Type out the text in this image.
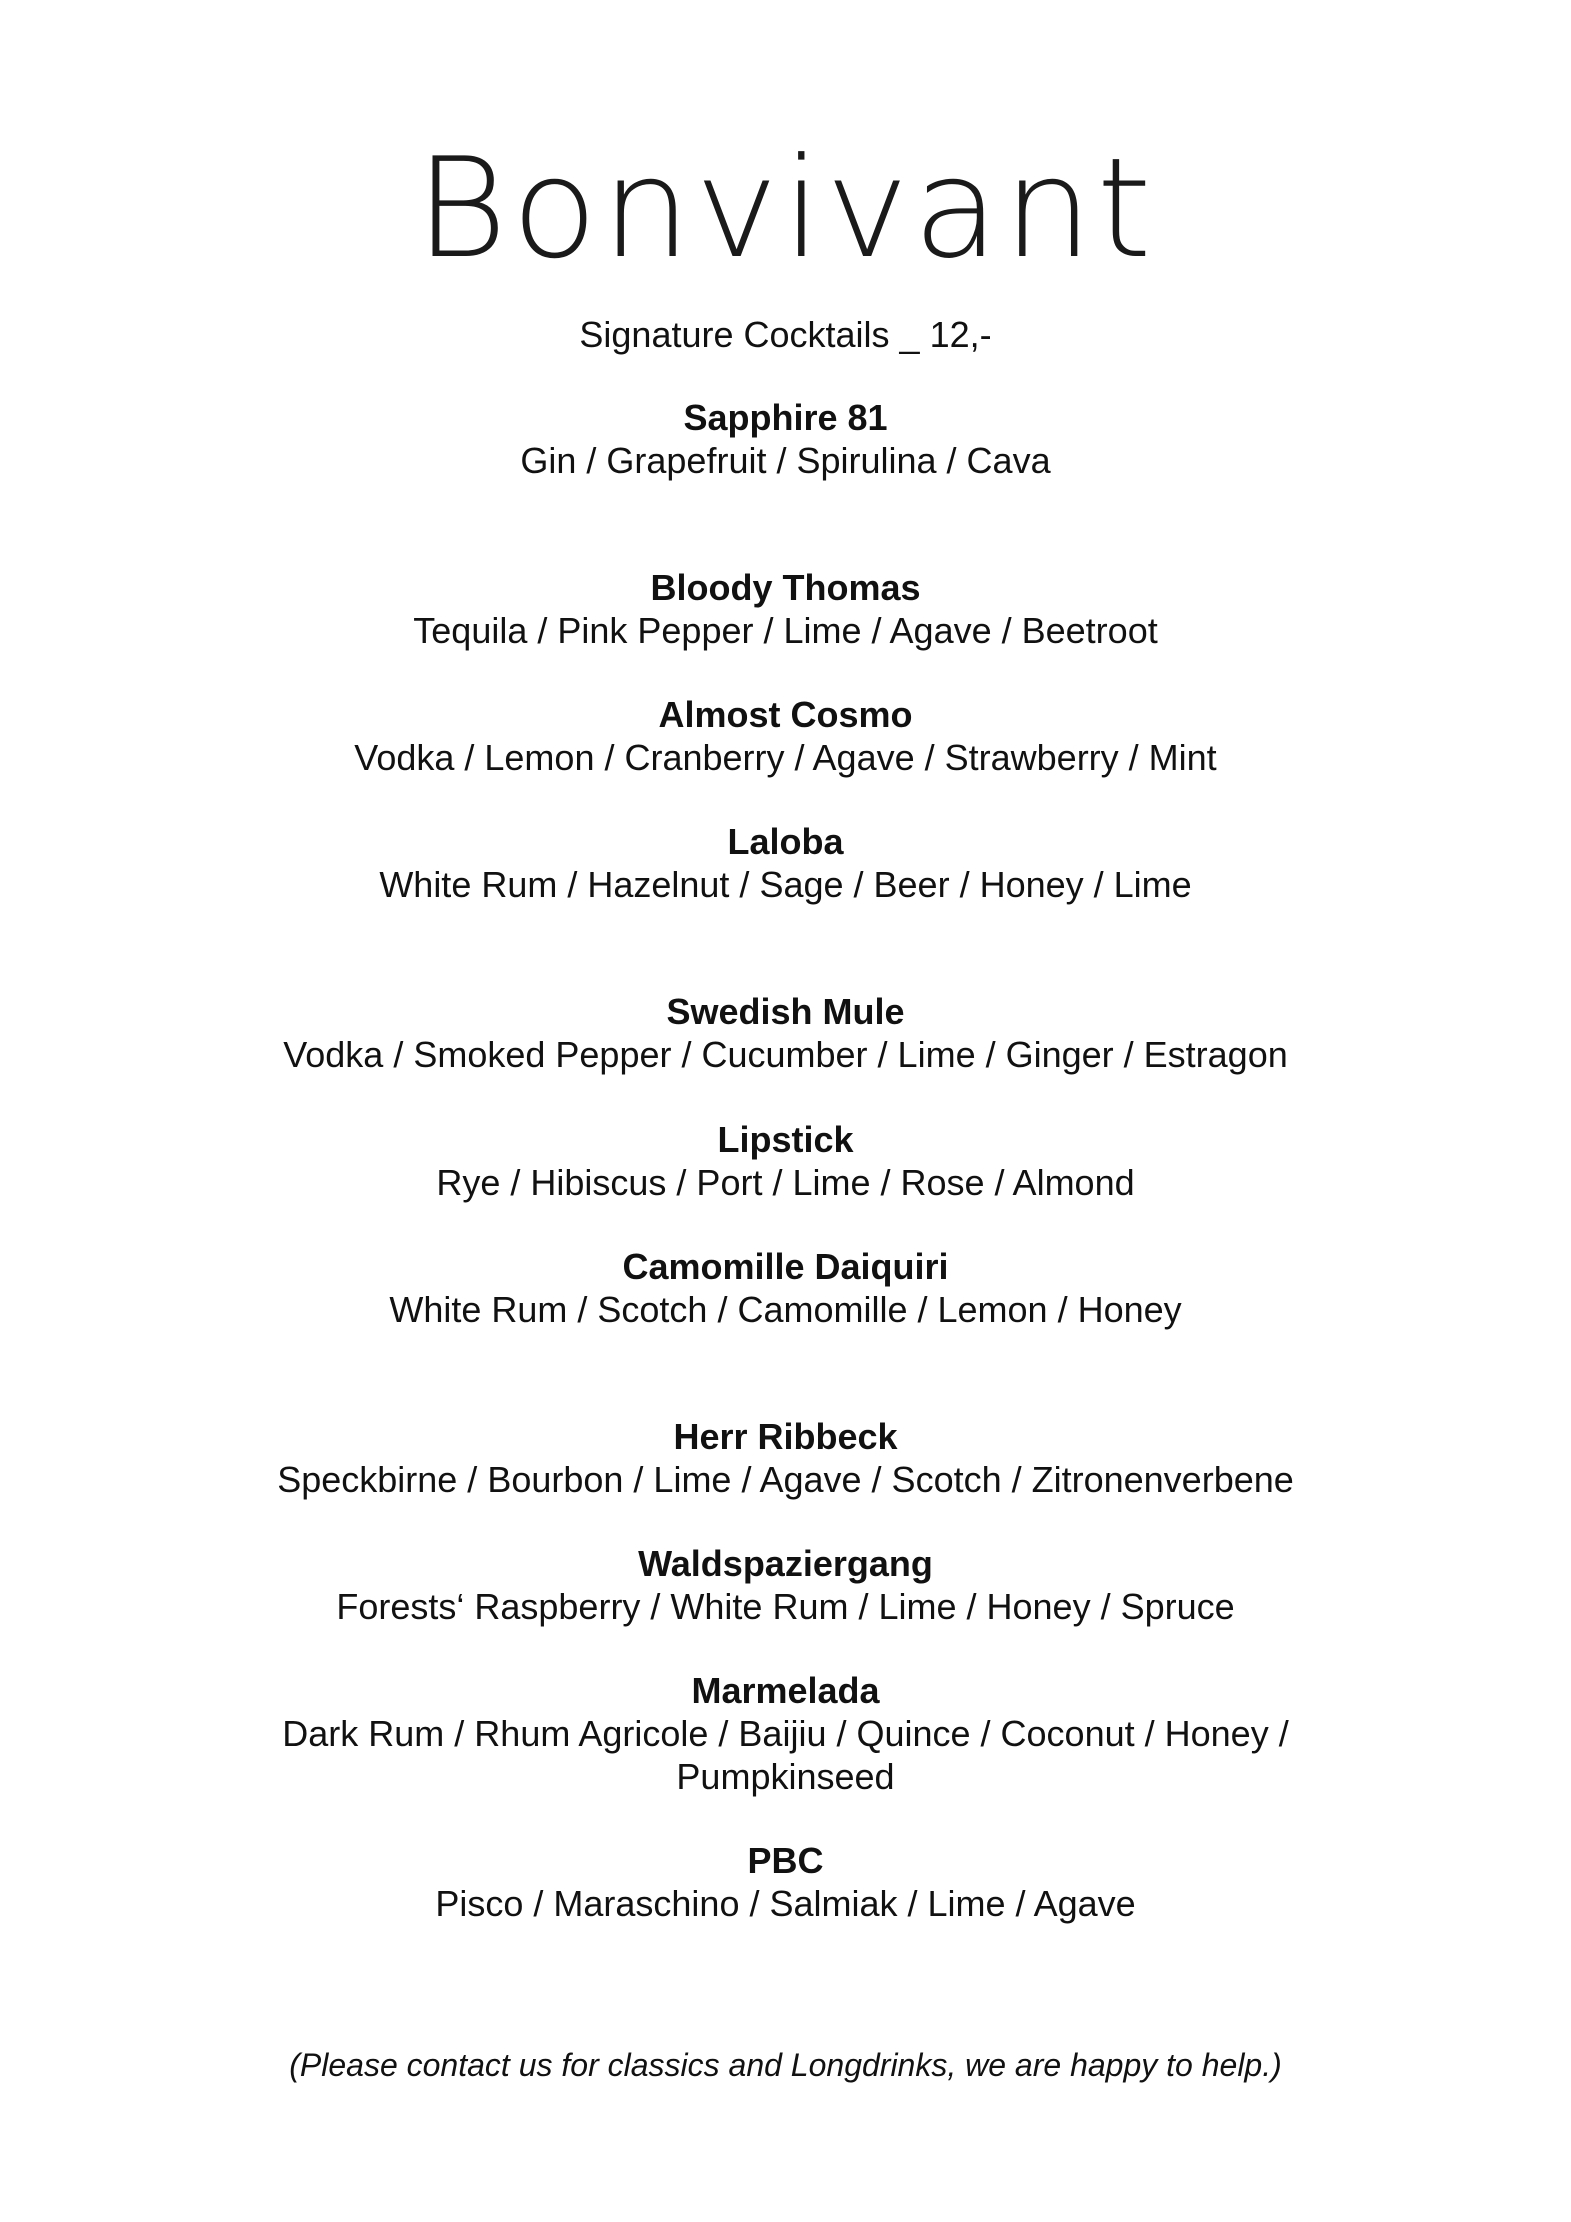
Bonvivant
Signature Cocktails _ 12,-
Sapphire 81
Gin / Grapefruit / Spirulina / Cava
Bloody Thomas
Tequila / Pink Pepper / Lime / Agave / Beetroot
Almost Cosmo
Vodka / Lemon / Cranberry / Agave / Strawberry / Mint
Laloba
White Rum / Hazelnut / Sage / Beer / Honey / Lime
Swedish Mule
Vodka / Smoked Pepper / Cucumber / Lime / Ginger / Estragon
Lipstick
Rye / Hibiscus / Port / Lime / Rose / Almond
Camomille Daiquiri
White Rum / Scotch / Camomille / Lemon / Honey
Herr Ribbeck
Speckbirne / Bourbon / Lime / Agave / Scotch / Zitronenverbene
Waldspaziergang
Forests‘ Raspberry / White Rum / Lime / Honey / Spruce
Marmelada
Dark Rum / Rhum Agricole / Baijiu / Quince / Coconut / Honey / Pumpkinseed
PBC
Pisco / Maraschino / Salmiak / Lime / Agave
(Please contact us for classics and Longdrinks, we are happy to help.)
